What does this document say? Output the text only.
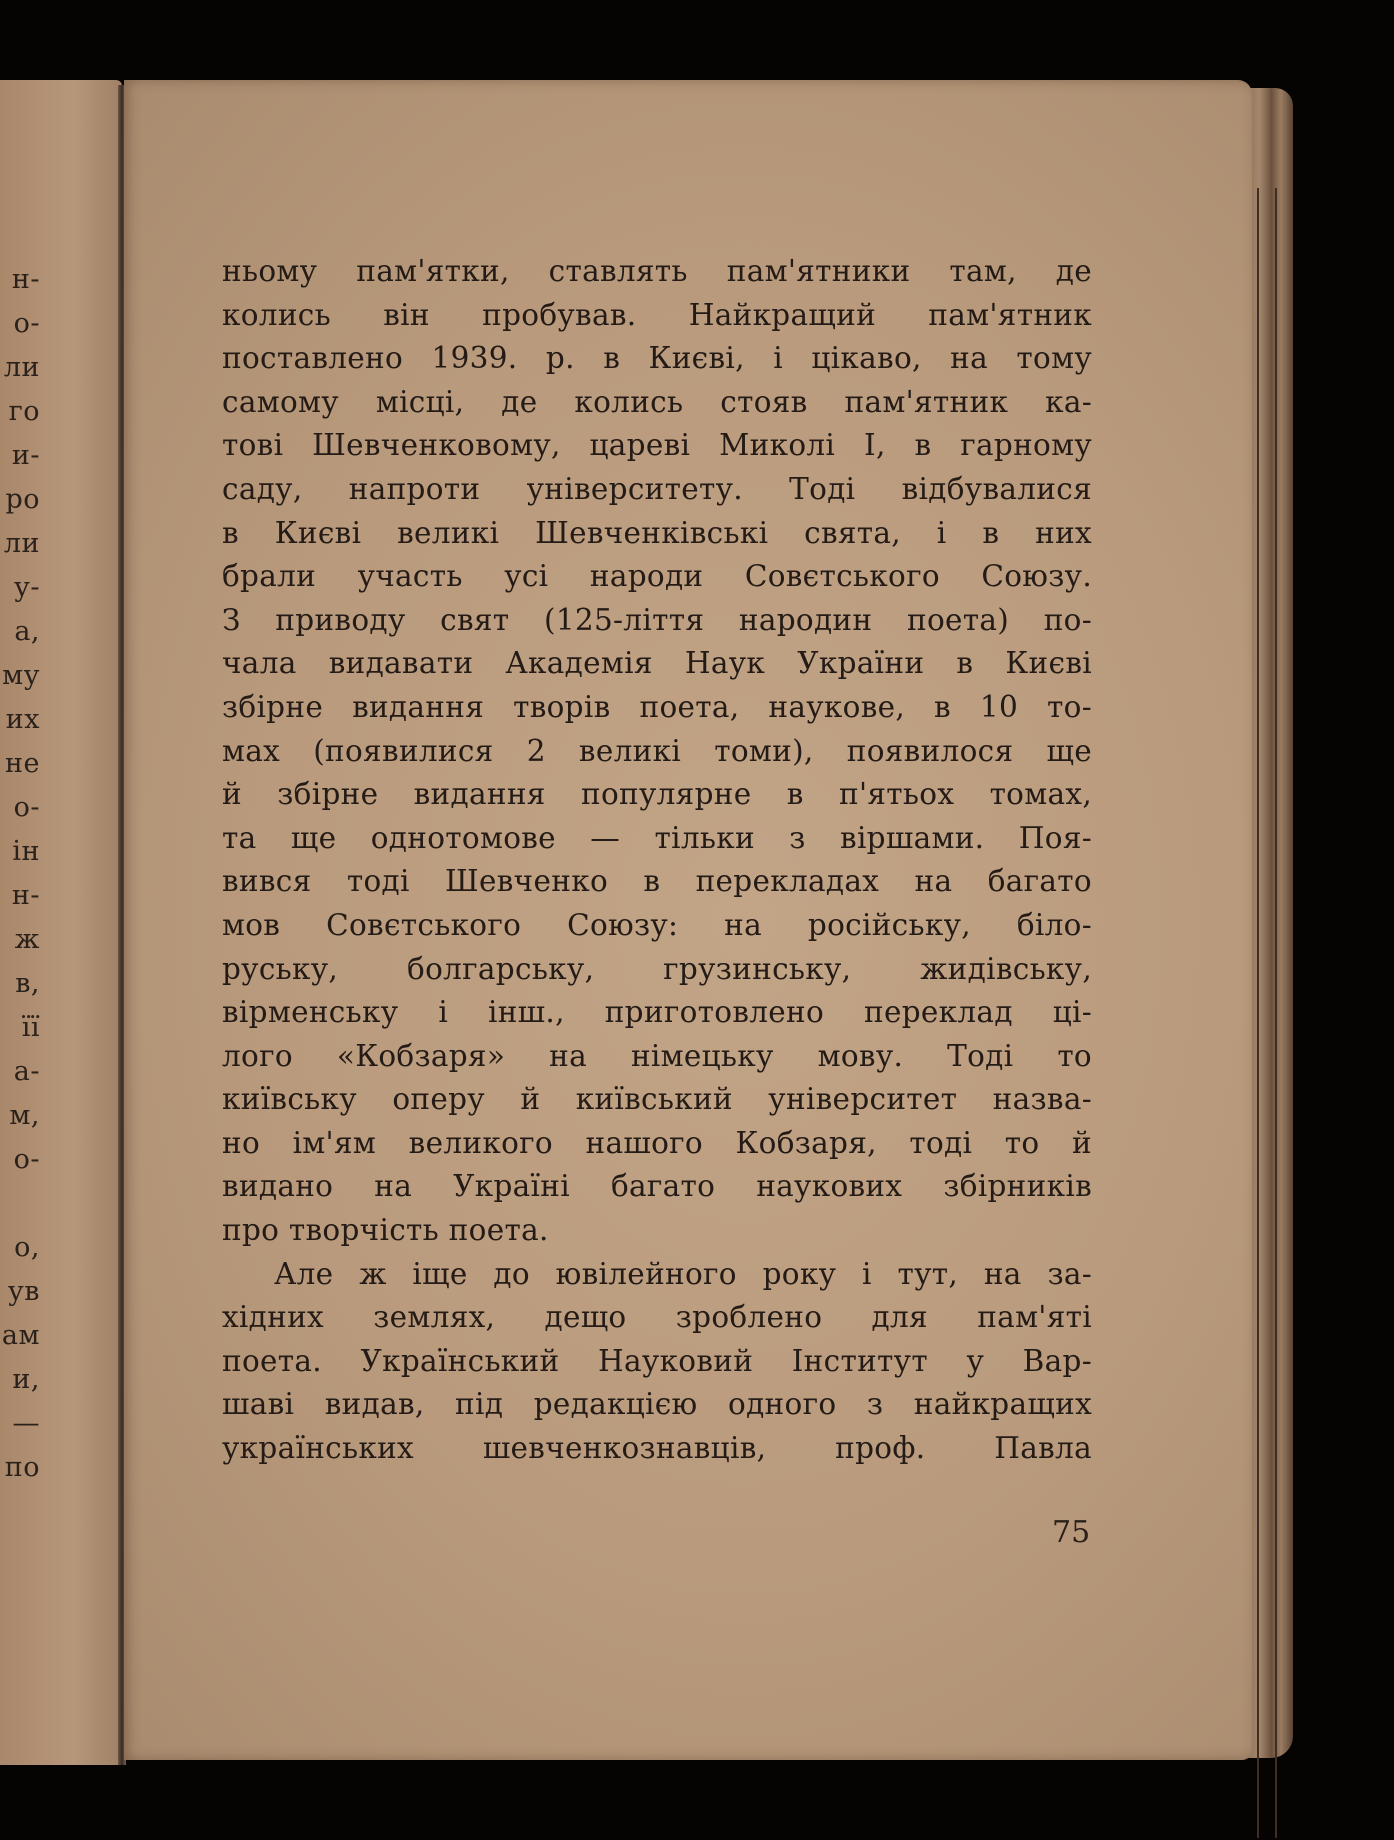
н-
о-
ли
го
и-
ро
ли
у-
а,
му
их
не
о-
ін
н-
ж
в,
її
а-
м,
о-
о,
ув
ам
и,
—
по
ньому пам'ятки, ставлять пам'ятники там, де
колись він пробував. Найкращий пам'ятник
поставлено 1939. р. в Києві, і цікаво, на тому
самому місці, де колись стояв пам'ятник ка-
тові Шевченковому, цареві Миколі І, в гарному
саду, напроти університету. Тоді відбувалися
в Києві великі Шевченківські свята, і в них
брали участь усі народи Совєтського Союзу.
З приводу свят (125-ліття народин поета) по-
чала видавати Академія Наук України в Києві
збірне видання творів поета, наукове, в 10 то-
мах (появилися 2 великі томи), появилося ще
й збірне видання популярне в п'ятьох томах,
та ще однотомове — тільки з віршами. Поя-
вився тоді Шевченко в перекладах на багато
мов Совєтського Союзу: на російську, біло-
руську, болгарську, грузинську, жидівську,
вірменську і інш., приготовлено переклад ці-
лого «Кобзаря» на німецьку мову. Тоді то
київську оперу й київський університет назва-
но ім'ям великого нашого Кобзаря, тоді то й
видано на Україні багато наукових збірників
про творчість поета.
Але ж іще до ювілейного року і тут, на за-
хідних землях, дещо зроблено для пам'яті
поета. Український Науковий Інститут у Вар-
шаві видав, під редакцією одного з найкращих
українських шевченкознавців, проф. Павла
75
